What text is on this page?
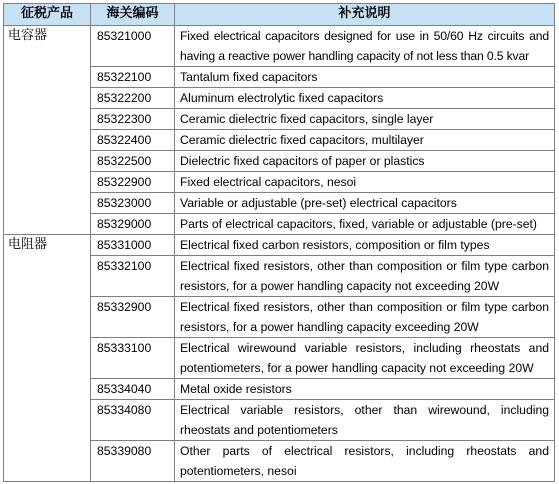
征税产品	海关编码	补充说明
电容器	85321000	Fixed electrical capacitors designed for use in 50/60 Hz circuits and having a reactive power handling capacity of not less than 0.5 kvar
	85322100	Tantalum fixed capacitors
	85322200	Aluminum electrolytic fixed capacitors
	85322300	Ceramic dielectric fixed capacitors, single layer
	85322400	Ceramic dielectric fixed capacitors, multilayer
	85322500	Dielectric fixed capacitors of paper or plastics
	85322900	Fixed electrical capacitors, nesoi
	85323000	Variable or adjustable (pre-set) electrical capacitors
	85329000	Parts of electrical capacitors, fixed, variable or adjustable (pre-set)
电阻器	85331000	Electrical fixed carbon resistors, composition or film types
	85332100	Electrical fixed resistors, other than composition or film type carbon resistors, for a power handling capacity not exceeding 20W
	85332900	Electrical fixed resistors, other than composition or film type carbon resistors, for a power handling capacity exceeding 20W
	85333100	Electrical wirewound variable resistors, including rheostats and potentiometers, for a power handling capacity not exceeding 20W
	85334040	Metal oxide resistors
	85334080	Electrical variable resistors, other than wirewound, including rheostats and potentiometers
	85339080	Other parts of electrical resistors, including rheostats and potentiometers, nesoi
